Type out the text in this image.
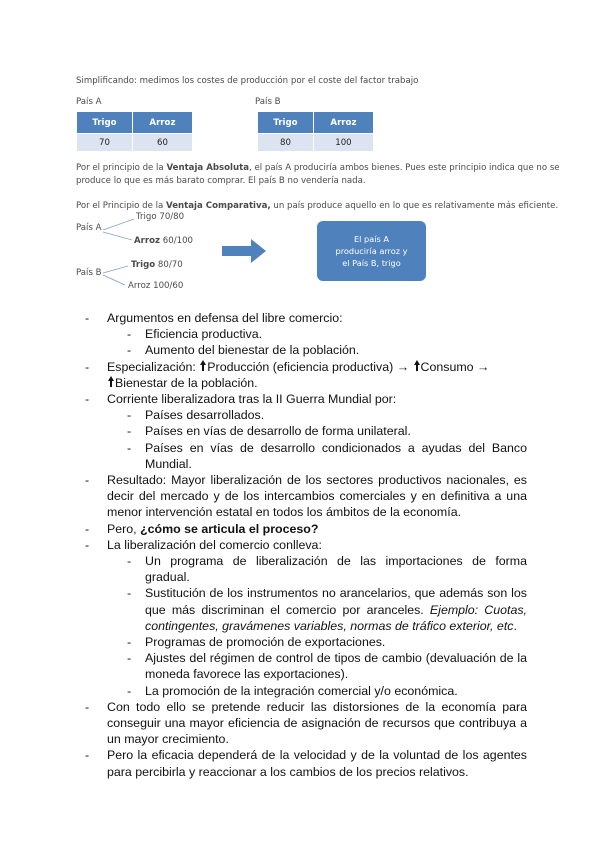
Simplificando: medimos los costes de producción por el coste del factor trabajo
País A	País B
Trigo	Arroz
70	60
Trigo	Arroz
80	100
Por el principio de la Ventaja Absoluta, el país A produciría ambos bienes. Pues este principio indica que no se
produce lo que es más barato comprar. El país B no vendería nada.
Por el Principio de la Ventaja Comparativa, un país produce aquello en lo que es relativamente más eficiente.
País A
Trigo 70/80
Arroz 60/100
País B
Trigo 80/70
Arroz 100/60
El país A
produciría arroz y
el País B, trigo
- Argumentos en defensa del libre comercio:
- Eficiencia productiva.
- Aumento del bienestar de la población.
- Especialización:
Producción (eficiencia productiva) →
Consumo →

Bienestar de la población.
- Corriente liberalizadora tras la II Guerra Mundial por:
- Países desarrollados.
- Países en vías de desarrollo de forma unilateral.
- Países en vías de desarrollo condicionados a ayudas del Banco Mundial.
- Resultado: Mayor liberalización de los sectores productivos nacionales, es decir del mercado y de los intercambios comerciales y en definitiva a una menor intervención estatal en todos los ámbitos de la economía.
- Pero, ¿cómo se articula el proceso?
- La liberalización del comercio conlleva:
- Un programa de liberalización de las importaciones de forma gradual.
- Sustitución de los instrumentos no arancelarios, que además son los que más discriminan el comercio por aranceles. Ejemplo: Cuotas, contingentes, gravámenes variables, normas de tráfico exterior, etc.
- Programas de promoción de exportaciones.
- Ajustes del régimen de control de tipos de cambio (devaluación de la moneda favorece las exportaciones).
- La promoción de la integración comercial y/o económica.
- Con todo ello se pretende reducir las distorsiones de la economía para conseguir una mayor eficiencia de asignación de recursos que contribuya a un mayor crecimiento.
- Pero la eficacia dependerá de la velocidad y de la voluntad de los agentes para percibirla y reaccionar a los cambios de los precios relativos.
